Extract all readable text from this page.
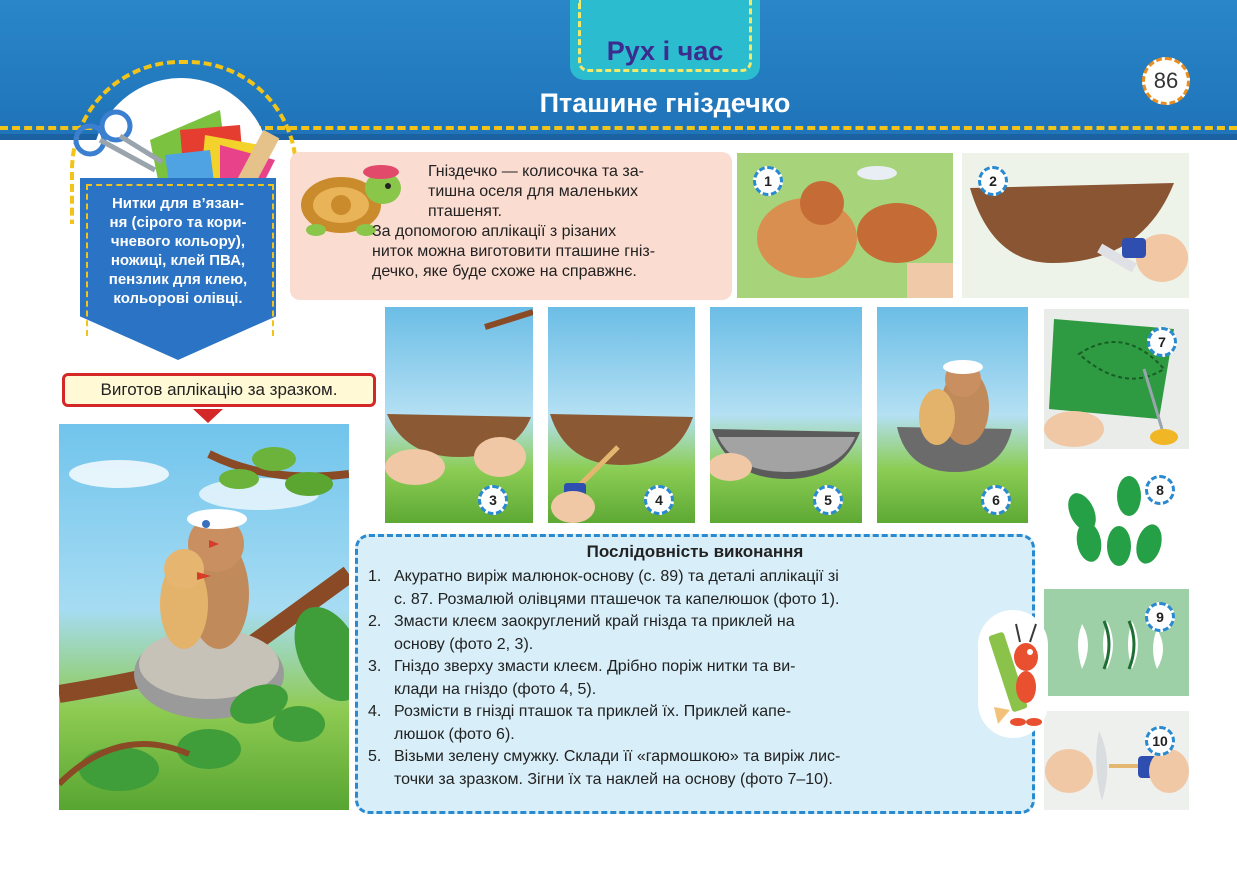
Рух і час
Пташине гніздечко
86
Нитки для в’язан-
ня (сірого та кори-
чневого кольору),
ножиці, клей ПВА,
пензлик для клею,
кольорові олівці.
Виготов аплікацію за зразком.

Гніздечко — колисочка та за-

тишна оселя для маленьких

пташенят.

За допомогою аплікації з різаних

ниток можна виготовити пташине гніз-

дечко, яке буде схоже на справжнє.

1	2
3	4	5	6
7
8
9
10
Послідовність виконання
1. Акуратно виріж малюнок-основу (с. 89) та деталі аплікації зі
с. 87. Розмалюй олівцями пташечок та капелюшок (фото 1).
2. Змасти клеєм заокруглений край гнізда та приклей на
основу (фото 2, 3).
3. Гніздо зверху змасти клеєм. Дрібно поріж нитки та ви-
клади на гніздо (фото 4, 5).
4. Розмісти в гнізді пташок та приклей їх. Приклей капе-
люшок (фото 6).
5. Візьми зелену смужку. Склади її «гармошкою» та виріж лис-
точки за зразком. Зігни їх та наклей на основу (фото 7–10).
